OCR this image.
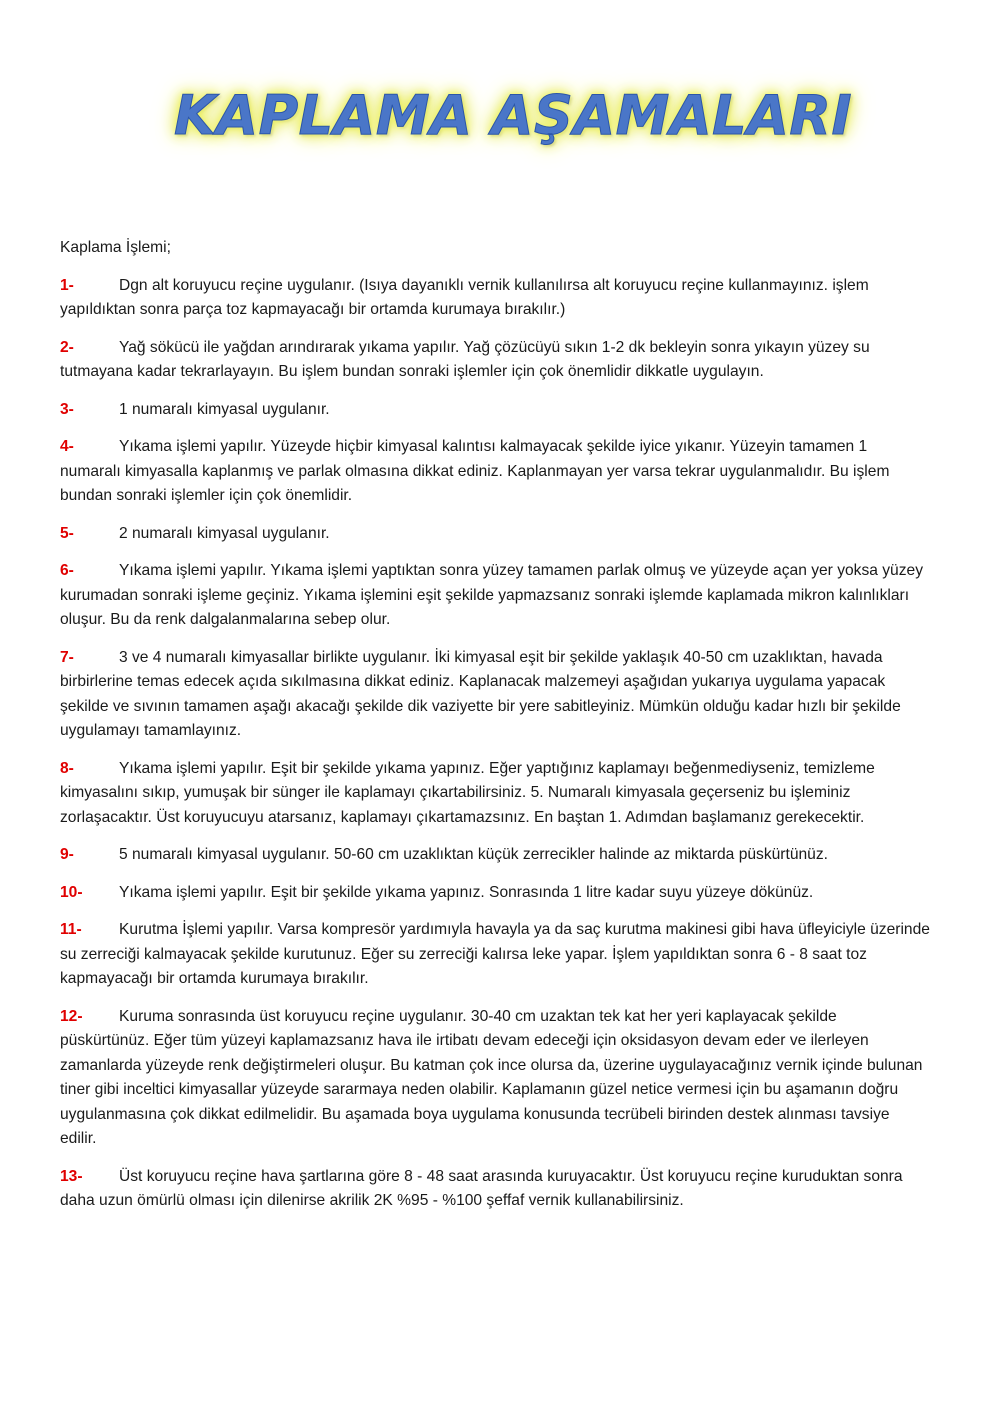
KAPLAMA AŞAMALARI

Kaplama İşlemi;

1-	Dgn alt koruyucu reçine uygulanır. (Isıya dayanıklı vernik kullanılırsa alt koruyucu reçine kullanmayınız. işlem yapıldıktan sonra parça toz kapmayacağı bir ortamda kurumaya bırakılır.)

2-	Yağ sökücü ile yağdan arındırarak yıkama yapılır. Yağ çözücüyü sıkın 1-2 dk bekleyin sonra yıkayın yüzey su tutmayana kadar tekrarlayayın. Bu işlem bundan sonraki işlemler için çok önemlidir dikkatle uygulayın.

3-	1 numaralı kimyasal uygulanır.

4-	Yıkama işlemi yapılır. Yüzeyde hiçbir kimyasal kalıntısı kalmayacak şekilde iyice yıkanır. Yüzeyin tamamen 1 numaralı kimyasalla kaplanmış ve parlak olmasına dikkat ediniz. Kaplanmayan yer varsa tekrar uygulanmalıdır. Bu işlem bundan sonraki işlemler için çok önemlidir.

5-	2 numaralı kimyasal uygulanır.

6-	Yıkama işlemi yapılır. Yıkama işlemi yaptıktan sonra yüzey tamamen parlak olmuş ve yüzeyde açan yer yoksa yüzey kurumadan sonraki işleme geçiniz. Yıkama işlemini eşit şekilde yapmazsanız sonraki işlemde kaplamada mikron kalınlıkları oluşur. Bu da renk dalgalanmalarına sebep olur.

7-	3 ve 4 numaralı kimyasallar birlikte uygulanır. İki kimyasal eşit bir şekilde yaklaşık 40-50 cm uzaklıktan, havada birbirlerine temas edecek açıda sıkılmasına dikkat ediniz. Kaplanacak malzemeyi aşağıdan yukarıya uygulama yapacak şekilde ve sıvının tamamen aşağı akacağı şekilde dik vaziyette bir yere sabitleyiniz. Mümkün olduğu kadar hızlı bir şekilde uygulamayı tamamlayınız.

8-	Yıkama işlemi yapılır. Eşit bir şekilde yıkama yapınız. Eğer yaptığınız kaplamayı beğenmediyseniz, temizleme kimyasalını sıkıp, yumuşak bir sünger ile kaplamayı çıkartabilirsiniz. 5. Numaralı kimyasala geçerseniz bu işleminiz zorlaşacaktır. Üst koruyucuyu atarsanız, kaplamayı çıkartamazsınız. En baştan 1. Adımdan başlamanız gerekecektir.

9-	5 numaralı kimyasal uygulanır. 50-60 cm uzaklıktan küçük zerrecikler halinde az miktarda püskürtünüz.

10- Yıkama işlemi yapılır. Eşit bir şekilde yıkama yapınız. Sonrasında 1 litre kadar suyu yüzeye dökünüz.

11- Kurutma İşlemi yapılır. Varsa kompresör yardımıyla havayla ya da saç kurutma makinesi gibi hava üfleyiciyle üzerinde su zerreciği kalmayacak şekilde kurutunuz. Eğer su zerreciği kalırsa leke yapar. İşlem yapıldıktan sonra 6 - 8 saat toz kapmayacağı bir ortamda kurumaya bırakılır.

12- Kuruma sonrasında üst koruyucu reçine uygulanır. 30-40 cm uzaktan tek kat her yeri kaplayacak şekilde püskürtünüz. Eğer tüm yüzeyi kaplamazsanız hava ile irtibatı devam edeceği için oksidasyon devam eder ve ilerleyen zamanlarda yüzeyde renk değiştirmeleri oluşur. Bu katman çok ince olursa da, üzerine uygulayacağınız vernik içinde bulunan tiner gibi inceltici kimyasallar yüzeyde sararmaya neden olabilir. Kaplamanın güzel netice vermesi için bu aşamanın doğru uygulanmasına çok dikkat edilmelidir. Bu aşamada boya uygulama konusunda tecrübeli birinden destek alınması tavsiye edilir.

13- Üst koruyucu reçine hava şartlarına göre 8 - 48 saat arasında kuruyacaktır. Üst koruyucu reçine kuruduktan sonra daha uzun ömürlü olması için dilenirse akrilik 2K %95 - %100 şeffaf vernik kullanabilirsiniz.
